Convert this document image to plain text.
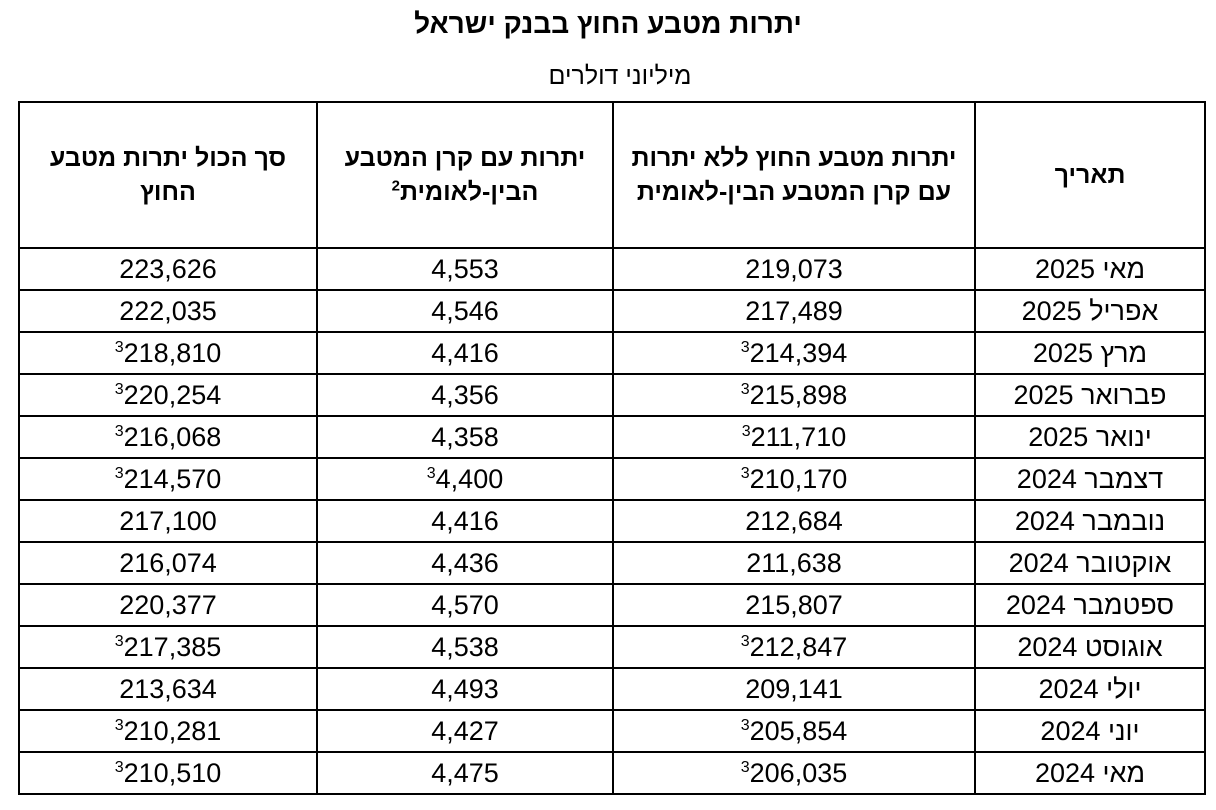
יתרות מטבע החוץ בבנק ישראל
מיליוני דולרים
תאריך	יתרות מטבע החוץ ללא יתרות עם קרן המטבע הבין-לאומית	יתרות עם קרן המטבע הבין-לאומית$^2$	סך הכול יתרות מטבע החוץ

מאי 2025	219,073	4,553	223,626
אפריל 2025	217,489	4,546	222,035
מרץ 2025	$^3$214,394	4,416	$^3$218,810
פברואר 2025	$^3$215,898	4,356	$^3$220,254
ינואר 2025	$^3$211,710	4,358	$^3$216,068
דצמבר 2024	$^3$210,170	$^3$4,400	$^3$214,570
נובמבר 2024	212,684	4,416	217,100
אוקטובר 2024	211,638	4,436	216,074
ספטמבר 2024	215,807	4,570	220,377
אוגוסט 2024	$^3$212,847	4,538	$^3$217,385
יולי 2024	209,141	4,493	213,634
יוני 2024	$^3$205,854	4,427	$^3$210,281
מאי 2024	$^3$206,035	4,475	$^3$210,510
